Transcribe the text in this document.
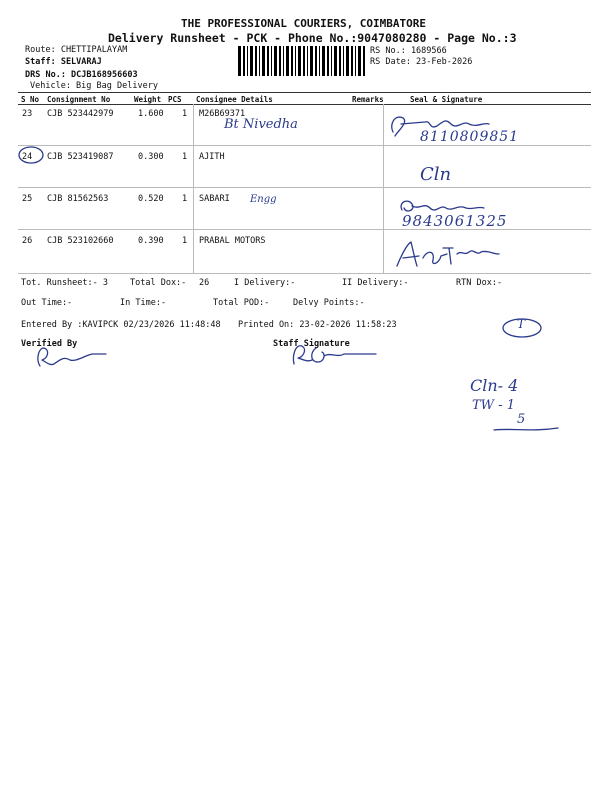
THE PROFESSIONAL COURIERS, COIMBATORE
Delivery Runsheet - PCK - Phone No.:9047080280 - Page No.:3
Route: CHETTIPALAYAM
Staff: SELVARAJ
DRS No.: DCJB168956603
Vehicle: Big Bag Delivery
RS No.: 1689566
RS Date: 23-Feb-2026
S No Consignment No	Weight PCS Consignee Details	Remarks	Seal & Signature
23 CJB 523442979	1.600 1 M26B69371
24 CJB 523419087	0.300 1 AJITH
25 CJB 81562563	0.520 1 SABARI
26 CJB 523102660	0.390 1 PRABAL MOTORS
Tot. Runsheet:- 3	Total Dox:- 26	I Delivery:-	II Delivery:-	RTN Dox:-
Out Time:-	In Time:-	Total POD:-	Delvy Points:-
Entered By :KAVIPCK 02/23/2026 11:48:48 Printed On: 23-02-2026 11:58:23
Verified By	Staff Signature
Bt Nivedha
8110809851
Cln
Engg
9843061325
T
Cln- 4
TW - 1
5
